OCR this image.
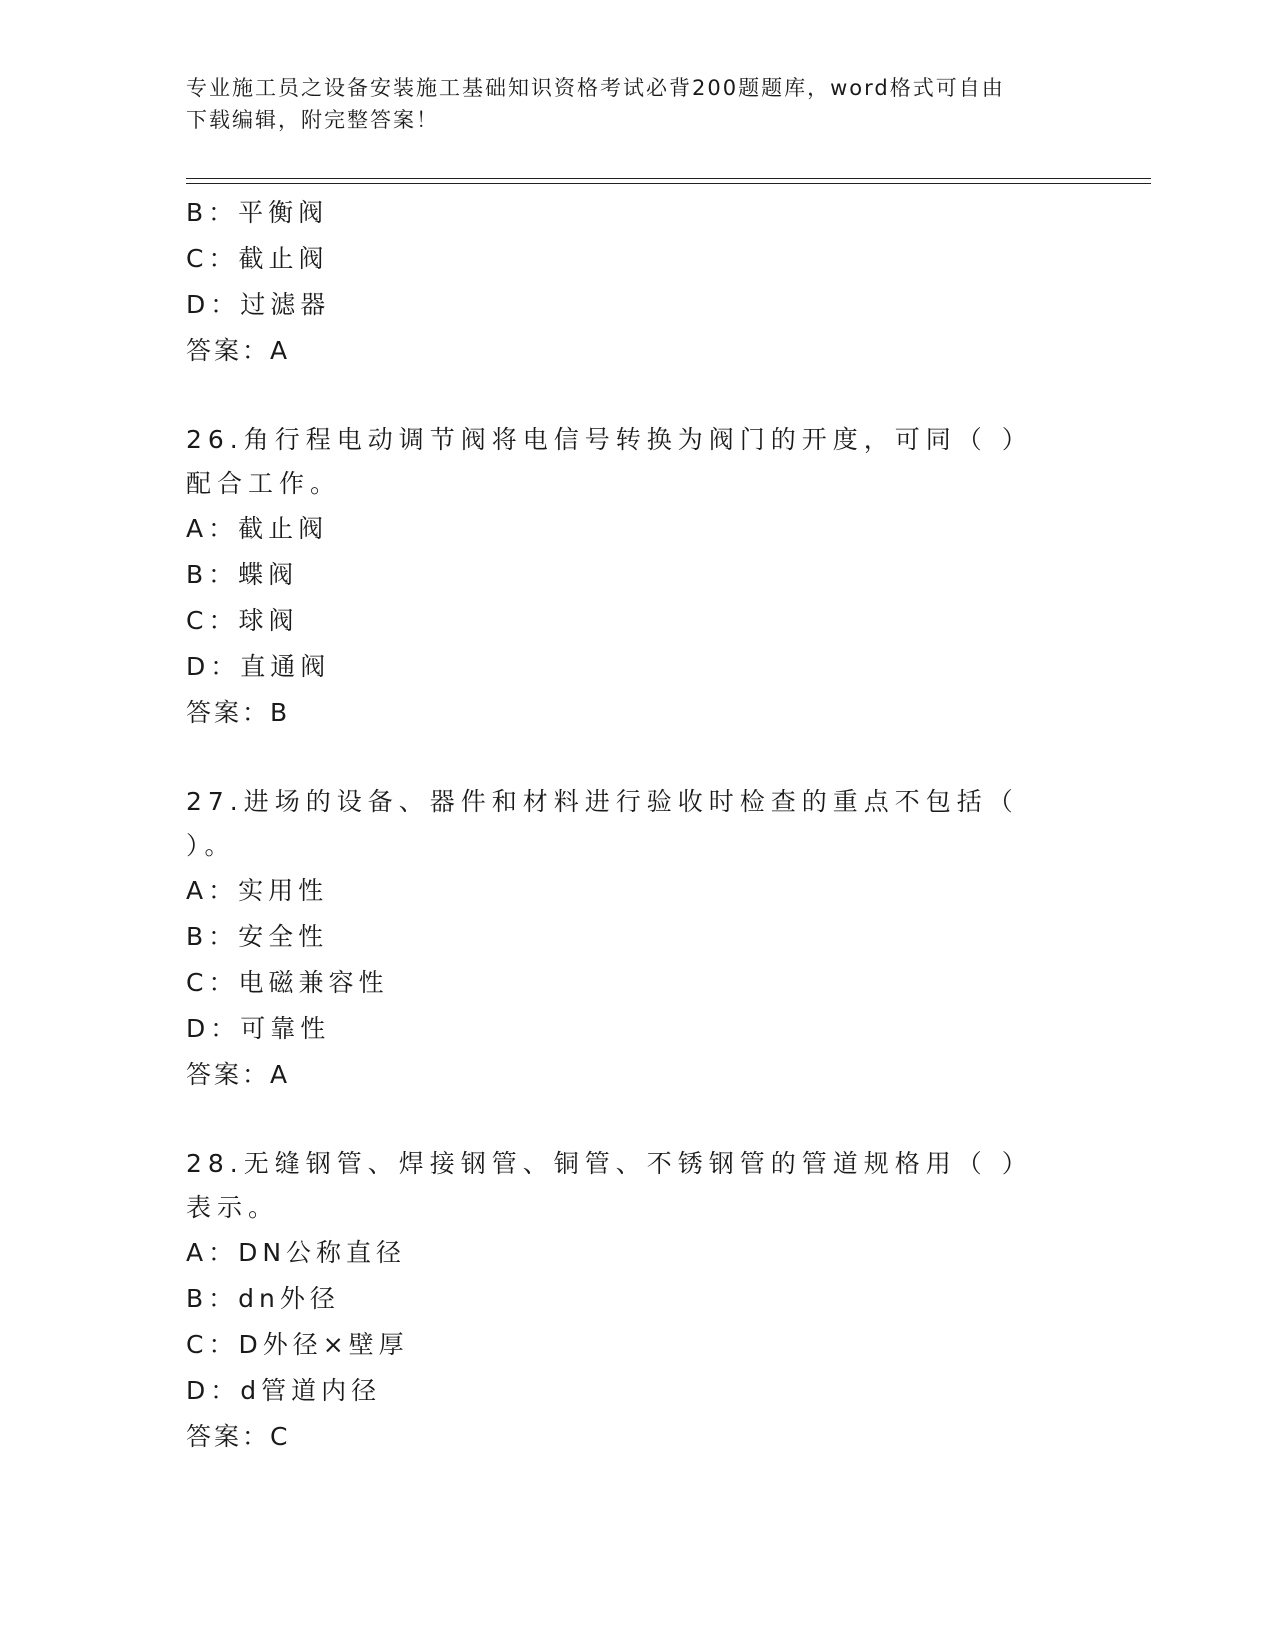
专业施工员之设备安装施工基础知识资格考试必背200题题库，word格式可自由
下载编辑，附完整答案！
B：平衡阀
C：截止阀
D：过滤器
答案：A
26.角行程电动调节阀将电信号转换为阀门的开度，可同（ ）配合工作。
A：截止阀
B：蝶阀
C：球阀
D：直通阀
答案：B
27.进场的设备、器件和材料进行验收时检查的重点不包括（ ）。
A：实用性
B：安全性
C：电磁兼容性
D：可靠性
答案：A
28.无缝钢管、焊接钢管、铜管、不锈钢管的管道规格用（ ）表示。
A：DN公称直径
B：dn外径
C：D外径×壁厚
D：d管道内径
答案：C
